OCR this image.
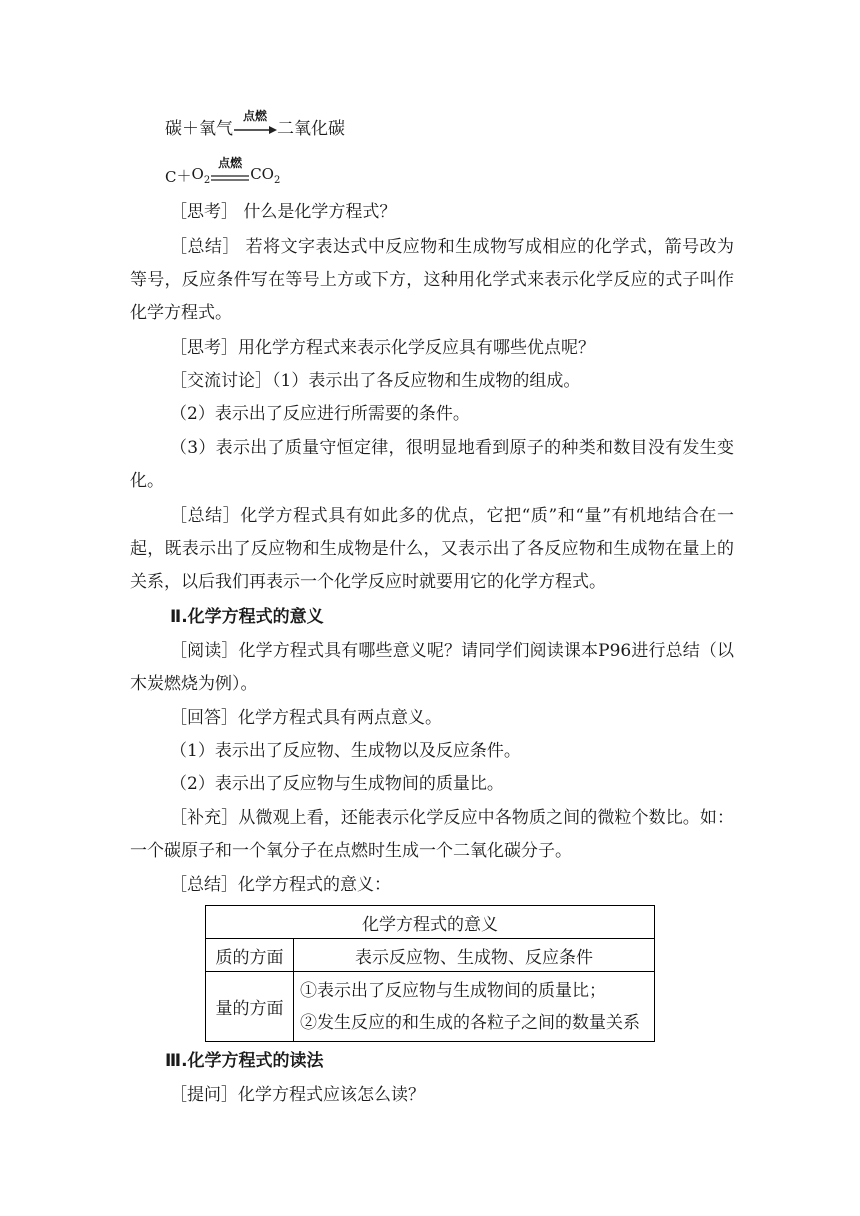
碳 ＋ 氧气
点燃
二氧化碳
$C + O_2$
点燃
$CO_2$
［思考］ 什么是化学方程式？
［总结］ 若将文字表达式中反应物和生成物写成相应的化学式，箭号改为等号，反应条件写在等号上方或下方，这种用化学式来表示化学反应的式子叫作化学方程式。
［思考］用化学方程式来表示化学反应具有哪些优点呢？
［交流讨论］（1）表示出了各反应物和生成物的组成。
（2）表示出了反应进行所需要的条件。
（3）表示出了质量守恒定律，很明显地看到原子的种类和数目没有发生变化。
［总结］化学方程式具有如此多的优点，它把“质”和“量”有机地结合在一起，既表示出了反应物和生成物是什么，又表示出了各反应物和生成物在量上的关系，以后我们再表示一个化学反应时就要用它的化学方程式。
Ⅱ.化学方程式的意义
［阅读］化学方程式具有哪些意义呢？请同学们阅读课本P96进行总结（以木炭燃烧为例）。
［回答］化学方程式具有两点意义。
（1）表示出了反应物、生成物以及反应条件。
（2）表示出了反应物与生成物间的质量比。
［补充］从微观上看，还能表示化学反应中各物质之间的微粒个数比。如：一个碳原子和一个氧分子在点燃时生成一个二氧化碳分子。
［总结］化学方程式的意义：
化学方程式的意义	
质的方面	表示反应物、生成物、反应条件
量的方面	①表示出了反应物与生成物间的质量比；
②发生反应的和生成的各粒子之间的数量关系
Ⅲ.化学方程式的读法
［提问］化学方程式应该怎么读？
